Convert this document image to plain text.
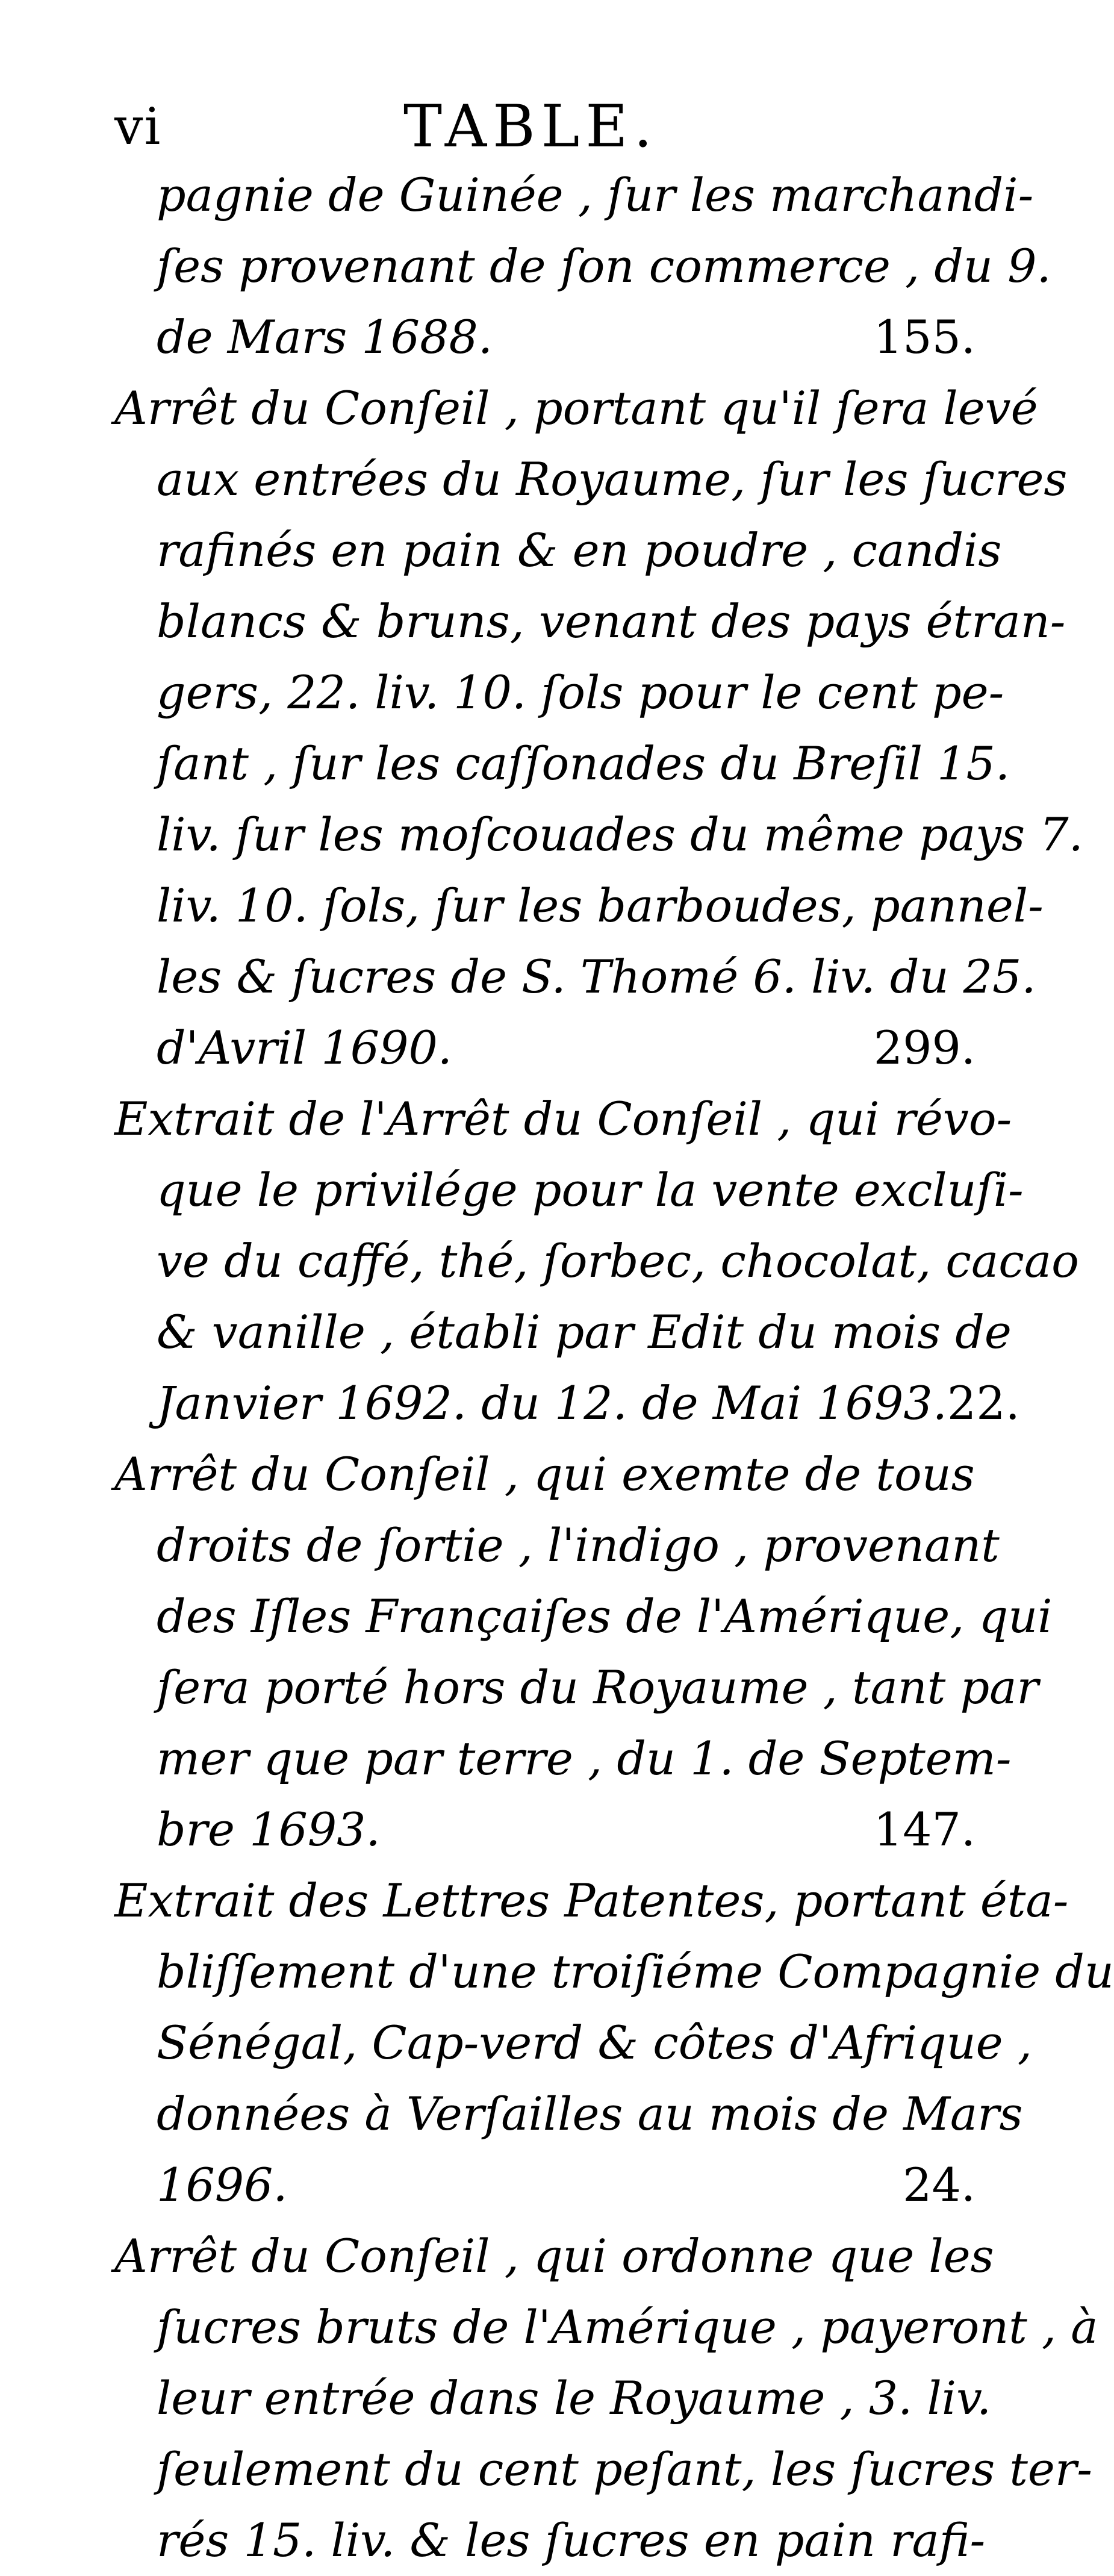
vi	TABLE.
pagnie de Guinée , ſur les marchandi-
ſes provenant de ſon commerce , du 9.
de Mars 1688.	155.
Arrêt du Conſeil , portant qu'il ſera levé
aux entrées du Royaume, ſur les ſucres
rafinés en pain & en poudre , candis
blancs & bruns, venant des pays étran-
gers, 22. liv. 10. ſols pour le cent pe-
ſant , ſur les caſſonades du Breſil 15.
liv. ſur les moſcouades du même pays 7.
liv. 10. ſols, ſur les barboudes, pannel-
les & ſucres de S. Thomé 6. liv. du 25.
d'Avril 1690.	299.
Extrait de l'Arrêt du Conſeil , qui révo-
que le privilége pour la vente excluſi-
ve du caffé, thé, ſorbec, chocolat, cacao
& vanille , établi par Edit du mois de
Janvier 1692. du 12. de Mai 1693. 22.
Arrêt du Conſeil , qui exemte de tous
droits de ſortie , l'indigo , provenant
des Iſles Françaiſes de l'Amérique, qui
ſera porté hors du Royaume , tant par
mer que par terre , du 1. de Septem-
bre 1693.	147.
Extrait des Lettres Patentes, portant éta-
bliſſement d'une troiſiéme Compagnie du
Sénégal, Cap-verd & côtes d'Afrique ,
données à Verſailles au mois de Mars
1696.	24.
Arrêt du Conſeil , qui ordonne que les
ſucres bruts de l'Amérique , payeront , à
leur entrée dans le Royaume , 3. liv.
ſeulement du cent peſant, les ſucres ter-
rés 15. liv. & les ſucres en pain rafi-
